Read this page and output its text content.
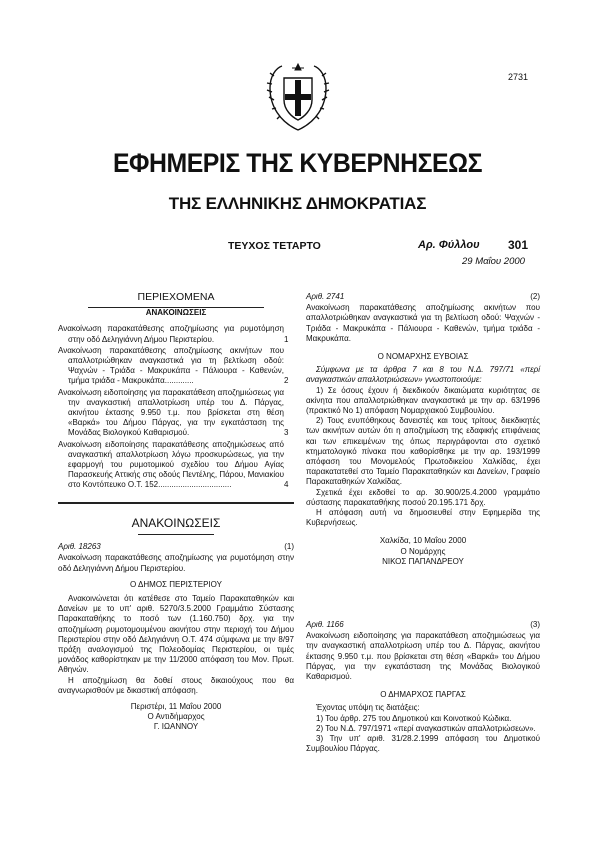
2731
ΕΦΗΜΕΡΙΣ ΤΗΣ ΚΥΒΕΡΝΗΣΕΩΣ
ΤΗΣ ΕΛΛΗΝΙΚΗΣ ΔΗΜΟΚΡΑΤΙΑΣ
ΤΕΥΧΟΣ ΤΕΤΑΡΤΟ	Αρ. Φύλλου 301
29 Μαΐου 2000

ΠΕΡΙΕΧΟΜΕΝΑ

ΑΝΑΚΟΙΝΩΣΕΙΣ

Ανακοίνωση παρακατάθεσης αποζημίωσης για ρυμοτόμηση στην οδό Δεληγιάννη Δήμου Περιστερίου.	1

Ανακοίνωση παρακατάθεσης αποζημίωσης ακινήτων που απαλλοτριώθηκαν αναγκαστικά για τη βελτίωση οδού: Ψαχνών - Τριάδα - Μακρυκάπα - Πάλιουρα - Καθενών, τμήμα τριάδα - Μακρυκάπα.............	2

Ανακοίνωση ειδοποίησης για παρακατάθεση αποζημιώσεως για την αναγκαστική απαλλοτρίωση υπέρ του Δ. Πάργας, ακινήτου έκτασης 9.950 τ.μ. που βρίσκεται στη θέση «Βαρκά» του Δήμου Πάργας, για την εγκατάσταση της Μονάδας Βιολογικού Καθαρισμού.	3

Ανακοίνωση ειδοποίησης παρακατάθεσης αποζημιώσεως από αναγκαστική απαλλοτρίωση λόγω προσκυρώσεως, για την εφαρμογή του ρυμοτομικού σχεδίου του Δήμου Αγίας Παρασκευής Αττικής στις οδούς Πεντέλης, Πάρου, Μανιακίου στο Κοντόπευκο Ο.Τ. 152.................................	4

ΑΝΑΚΟΙΝΩΣΕΙΣ

Αριθ. 18263	(1)

Ανακοίνωση παρακατάθεσης αποζημίωσης για ρυμοτόμηση στην οδό Δεληγιάννη Δήμου Περιστερίου.

Ο ΔΗΜΟΣ ΠΕΡΙΣΤΕΡΙΟΥ

Ανακοινώνεται ότι κατέθεσε στο Ταμείο Παρακαταθηκών και Δανείων με το υπ' αριθ. 5270/3.5.2000 Γραμμάτιο Σύστασης Παρακαταθήκης το ποσό των (1.160.750) δρχ. για την αποζημίωση ρυμοτομουμένου ακινήτου στην περιοχή του Δήμου Περιστερίου στην οδό Δεληγιάννη Ο.Τ. 474 σύμφωνα με την 8/97 πράξη αναλογισμού της Πολεοδομίας Περιστερίου, οι τιμές μονάδος καθορίστηκαν με την 11/2000 απόφαση του Μον. Πρωτ. Αθηνών.

Η αποζημίωση θα δοθεί στους δικαιούχους που θα αναγνωρισθούν με δικαστική απόφαση.

Περιστέρι, 11 Μαΐου 2000

Ο Αντιδήμαρχος

Γ. ΙΩΑΝΝΟΥ

Αριθ. 2741	(2)

Ανακοίνωση παρακατάθεσης αποζημίωσης ακινήτων που απαλλοτριώθηκαν αναγκαστικά για τη βελτίωση οδού: Ψαχνών - Τριάδα - Μακρυκάπα - Πάλιουρα - Καθενών, τμήμα τριάδα - Μακρυκάπα.

Ο ΝΟΜΑΡΧΗΣ ΕΥΒΟΙΑΣ

Σύμφωνα με τα άρθρα 7 και 8 του Ν.Δ. 797/71 «περί αναγκαστικών απαλλοτριώσεων» γνωστοποιούμε:

1) Σε όσους έχουν ή διεκδικούν δικαιώματα κυριότητας σε ακίνητα που απαλλοτριώθηκαν αναγκαστικά με την αρ. 63/1996 (πρακτικό Νο 1) απόφαση Νομαρχιακού Συμβουλίου.

2) Τους ενυπόθηκους δανειστές και τους τρίτους διεκδικητές των ακινήτων αυτών ότι η αποζημίωση της εδαφικής επιφάνειας και των επικειμένων της όπως περιγράφονται στο σχετικό κτηματολογικό πίνακα που καθορίσθηκε με την αρ. 193/1999 απόφαση του Μονομελούς Πρωτοδικείου Χαλκίδας, έχει παρακατατεθεί στο Ταμείο Παρακαταθηκών και Δανείων, Γραφείο Παρακαταθηκών Χαλκίδας.

Σχετικά έχει εκδοθεί το αρ. 30.900/25.4.2000 γραμμάτιο σύστασης παρακαταθήκης ποσού 20.195.171 δρχ.

Η απόφαση αυτή να δημοσιευθεί στην Εφημερίδα της Κυβερνήσεως.

Χαλκίδα, 10 Μαΐου 2000

Ο Νομάρχης

ΝΙΚΟΣ ΠΑΠΑΝΔΡΕΟΥ

Αριθ. 1166	(3)

Ανακοίνωση ειδοποίησης για παρακατάθεση αποζημιώσεως για την αναγκαστική απαλλοτρίωση υπέρ του Δ. Πάργας, ακινήτου έκτασης 9.950 τ.μ. που βρίσκεται στη θέση «Βαρκά» του Δήμου Πάργας, για την εγκατάσταση της Μονάδας Βιολογικού Καθαρισμού.

Ο ΔΗΜΑΡΧΟΣ ΠΑΡΓΑΣ

Έχοντας υπόψη τις διατάξεις:

1) Του άρθρ. 275 του Δημοτικού και Κοινοτικού Κώδικα.

2) Του Ν.Δ. 797/1971 «περί αναγκαστικών απαλλοτριώσεων».

3) Την υπ' αριθ. 31/28.2.1999 απόφαση του Δημοτικού Συμβουλίου Πάργας.
